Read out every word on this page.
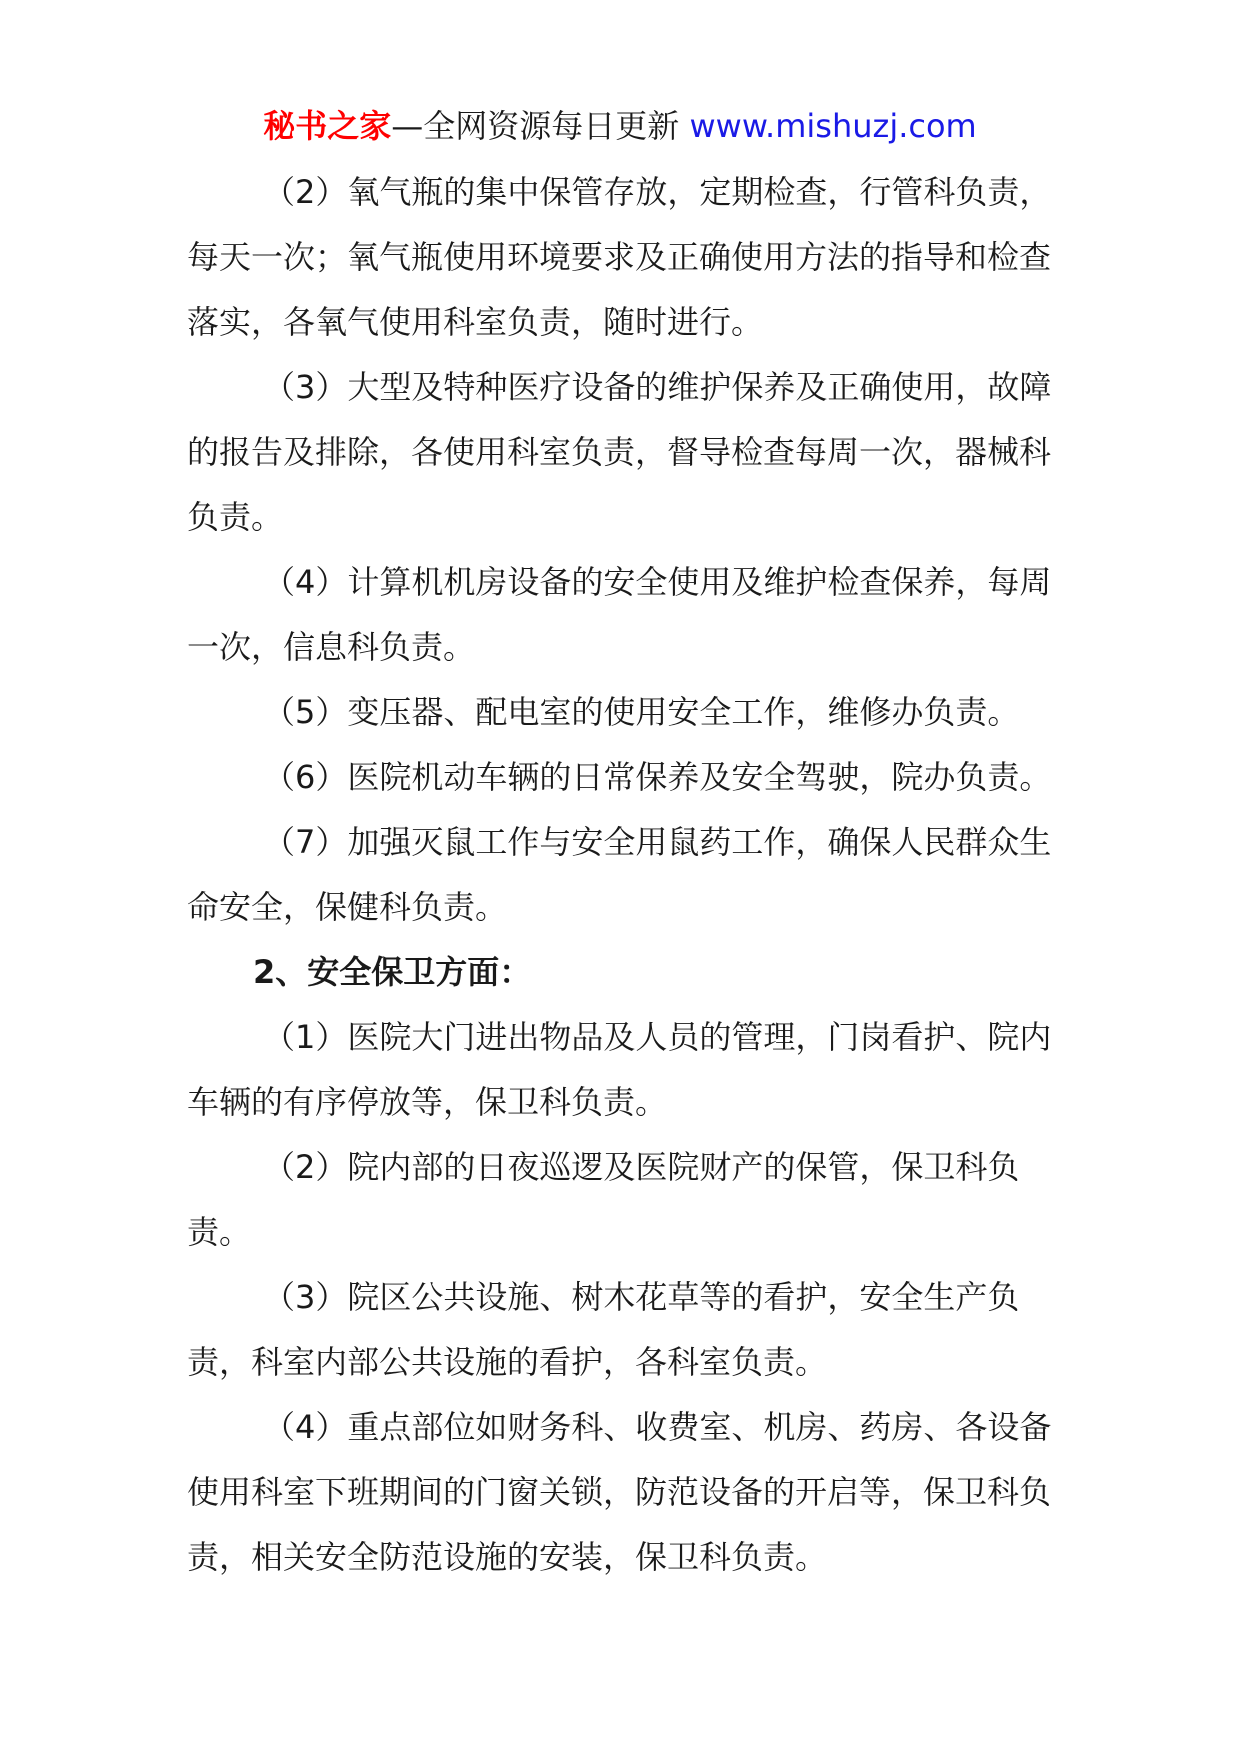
秘书之家—全网资源每日更新 www.mishuzj.com

（2）氧气瓶的集中保管存放，定期检查，行管科负责，每天一次；氧气瓶使用环境要求及正确使用方法的指导和检查落实，各氧气使用科室负责，随时进行。

（3）大型及特种医疗设备的维护保养及正确使用，故障的报告及排除，各使用科室负责，督导检查每周一次，器械科负责。

（4）计算机机房设备的安全使用及维护检查保养，每周一次，信息科负责。

（5）变压器、配电室的使用安全工作，维修办负责。

（6）医院机动车辆的日常保养及安全驾驶，院办负责。

（7）加强灭鼠工作与安全用鼠药工作，确保人民群众生命安全，保健科负责。

2、安全保卫方面：

（1）医院大门进出物品及人员的管理，门岗看护、院内车辆的有序停放等，保卫科负责。

（2）院内部的日夜巡逻及医院财产的保管，保卫科负责。

（3）院区公共设施、树木花草等的看护，安全生产负责，科室内部公共设施的看护，各科室负责。

（4）重点部位如财务科、收费室、机房、药房、各设备使用科室下班期间的门窗关锁，防范设备的开启等，保卫科负责，相关安全防范设施的安装，保卫科负责。
